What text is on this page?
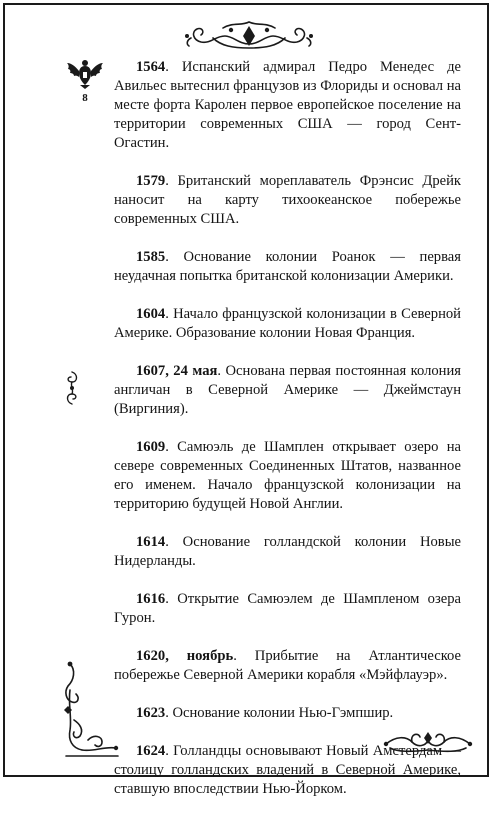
8

1564. Испанский адмирал Педро Менедес де Авильес вытеснил французов из Флориды и основал на месте форта Каролен первое европейское поселение на территории современных США — город Сент-Огастин.

1579. Британский мореплаватель Фрэнсис Дрейк наносит на карту тихоокеанское побережье современных США.

1585. Основание колонии Роанок — первая неудачная попытка британской колонизации Америки.

1604. Начало французской колонизации в Северной Америке. Образование колонии Новая Франция.

1607, 24 мая. Основана первая постоянная колония англичан в Северной Америке — Джеймстаун (Виргиния).

1609. Самюэль де Шамплен открывает озеро на севере современных Соединенных Штатов, названное его именем. Начало французской колонизации на территорию будущей Новой Англии.

1614. Основание голландской колонии Новые Нидерланды.

1616. Открытие Самюэлем де Шампленом озера Гурон.

1620, ноябрь. Прибытие на Атлантическое побережье Северной Америки корабля «Мэйфлауэр».

1623. Основание колонии Нью-Гэмпшир.

1624. Голландцы основывают Новый Амстердам — столицу голландских владений в Северной Америке, ставшую впоследствии Нью-Йорком.
